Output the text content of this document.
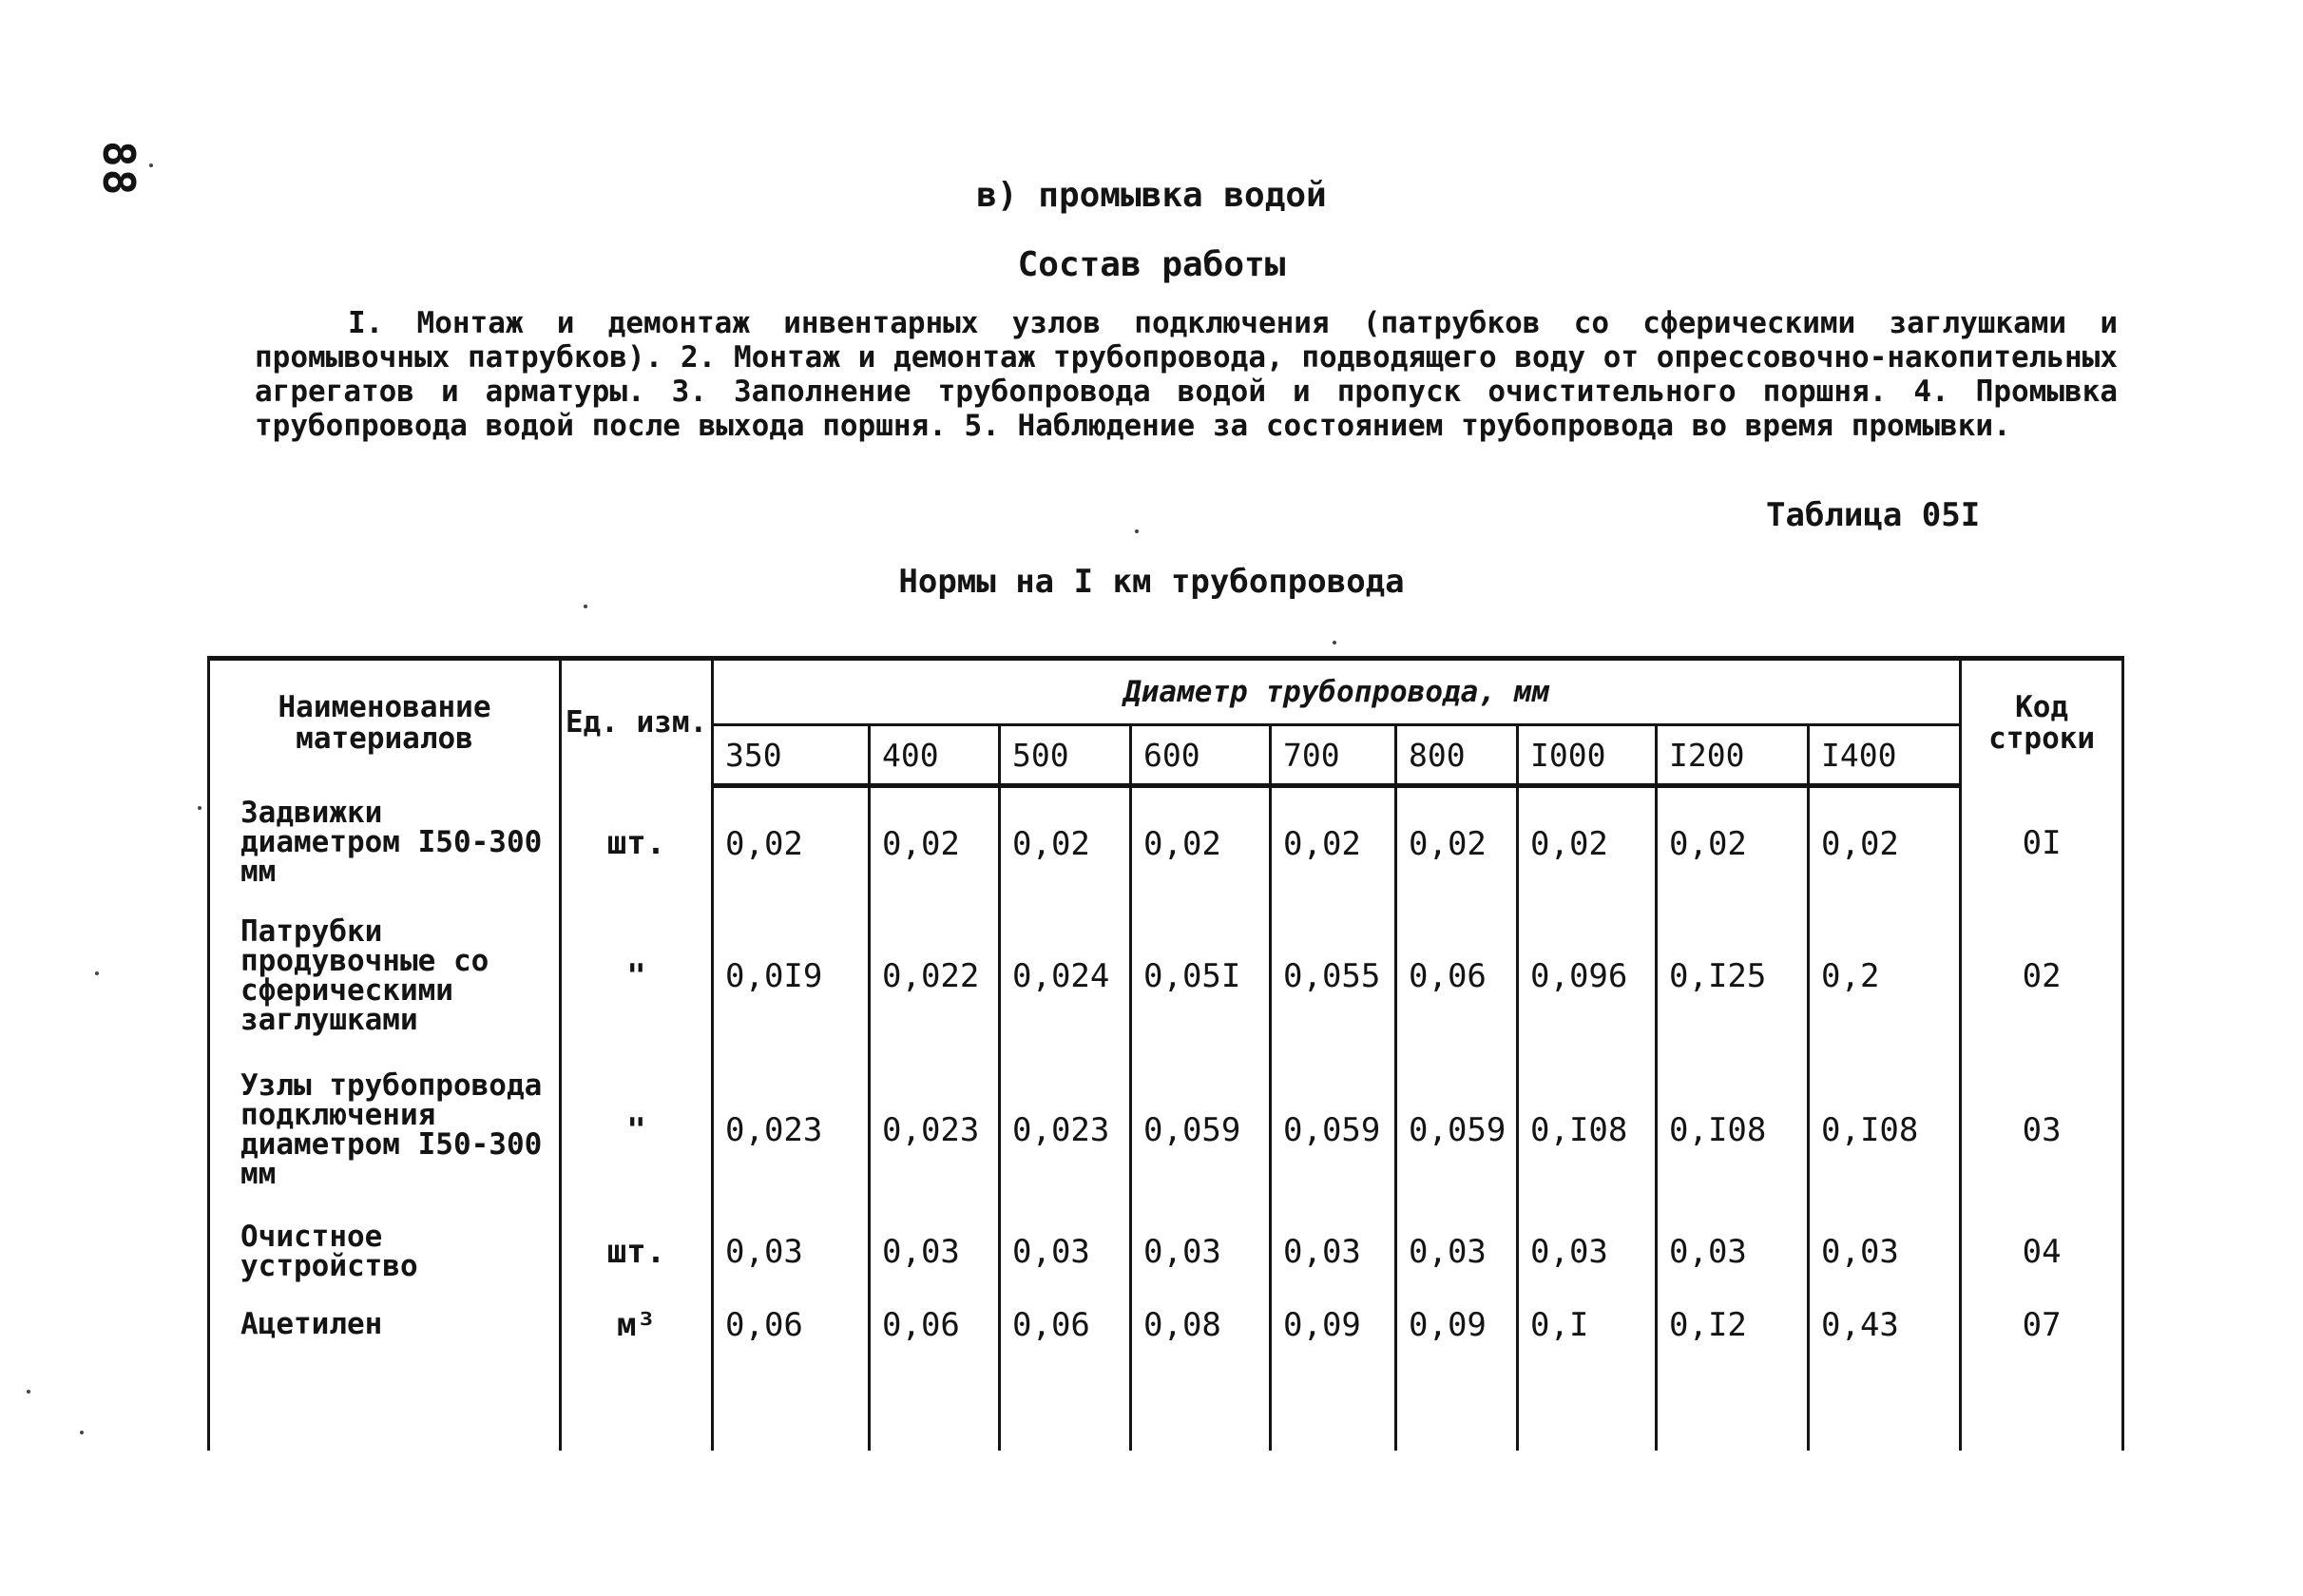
88	в) промывка водой
Состав работы

I. Монтаж и демонтаж инвентарных узлов подключения (патрубков со сферическими заглушками и промывочных патрубков). 2. Монтаж и демонтаж трубопровода, подводящего воду от опрессовочно-накопительных агрегатов и арматуры. 3. Заполнение трубопровода водой и пропуск очистительного поршня. 4. Промывка трубопровода водой после выхода поршня. 5. Наблюдение за состоянием трубопровода во время промывки.

Таблица 05I
Нормы на I км трубопровода
Наименование материалов	Ед. изм.	Диаметр трубопровода, мм									Код строки
		350	400	500	600	700	800	I000	I200	I400	
Задвижки диаметром I50-300 мм	шт.	0,02	0,02	0,02	0,02	0,02	0,02	0,02	0,02	0,02	0I
Патрубки продувочные со сферическими заглушками	"	0,0I9	0,022	0,024	0,05I	0,055	0,06	0,096	0,I25	0,2	02
Узлы трубопровода подключения диаметром I50-300 мм	"	0,023	0,023	0,023	0,059	0,059	0,059	0,I08	0,I08	0,I08	03
Очистное устройство	шт.	0,03	0,03	0,03	0,03	0,03	0,03	0,03	0,03	0,03	04
Ацетилен	м³	0,06	0,06	0,06	0,08	0,09	0,09	0,I	0,I2	0,43	07
